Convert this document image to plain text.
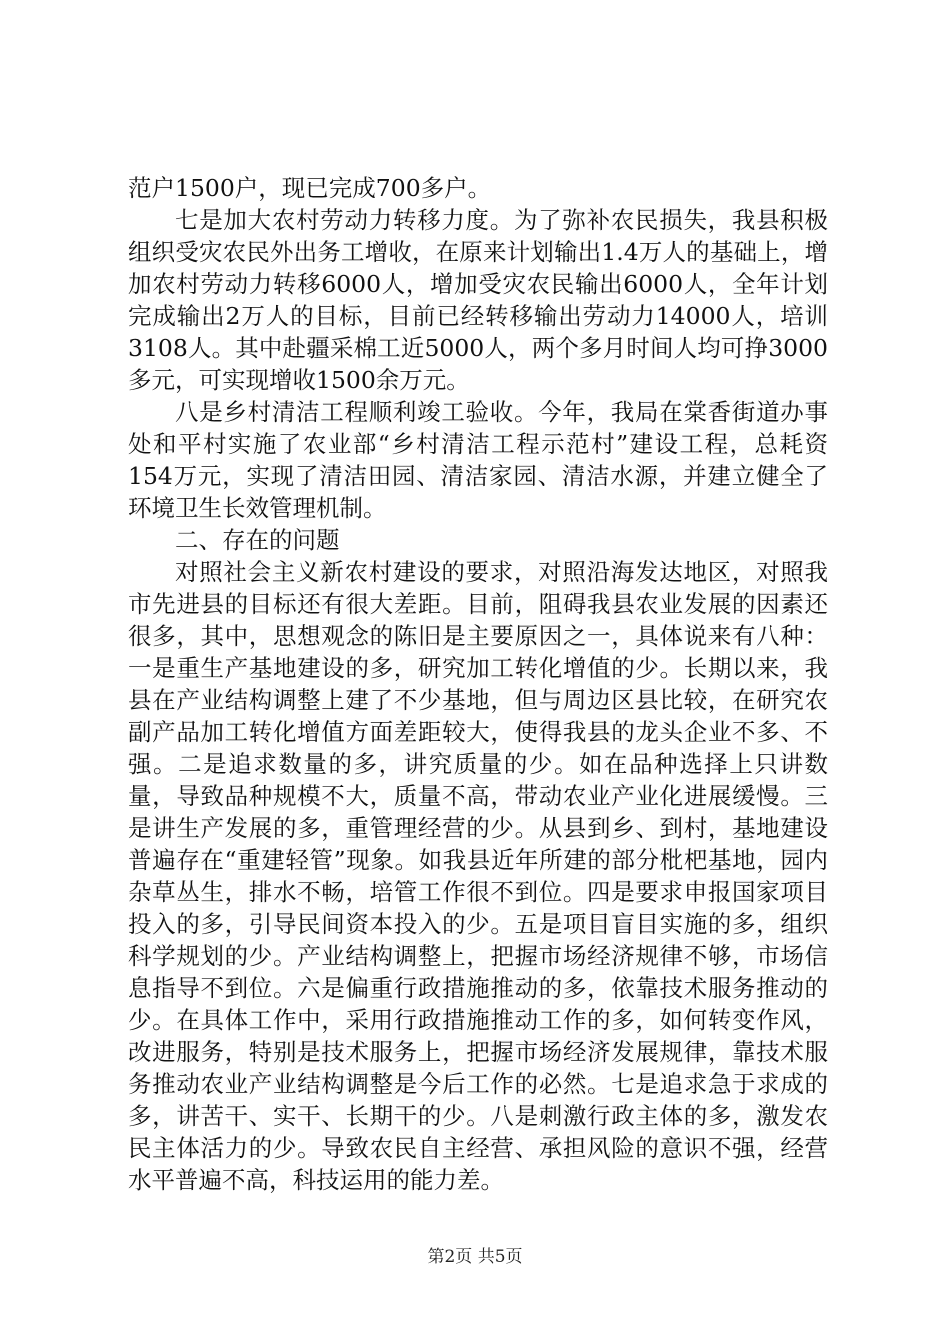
范户1500户，现已完成700多户。

七是加大农村劳动力转移力度。为了弥补农民损失，我县积极组织受灾农民外出务工增收，在原来计划输出1.4万人的基础上，增加农村劳动力转移6000人，增加受灾农民输出6000人，全年计划完成输出2万人的目标，目前已经转移输出劳动力14000人，培训3108人。其中赴疆采棉工近5000人，两个多月时间人均可挣3000多元，可实现增收1500余万元。

八是乡村清洁工程顺利竣工验收。今年，我局在棠香街道办事处和平村实施了农业部“乡村清洁工程示范村”建设工程，总耗资154万元，实现了清洁田园、清洁家园、清洁水源，并建立健全了环境卫生长效管理机制。

二、存在的问题

对照社会主义新农村建设的要求，对照沿海发达地区，对照我市先进县的目标还有很大差距。目前，阻碍我县农业发展的因素还很多，其中，思想观念的陈旧是主要原因之一，具体说来有八种：一是重生产基地建设的多，研究加工转化增值的少。长期以来，我县在产业结构调整上建了不少基地，但与周边区县比较，在研究农副产品加工转化增值方面差距较大，使得我县的龙头企业不多、不强。二是追求数量的多，讲究质量的少。如在品种选择上只讲数量，导致品种规模不大，质量不高，带动农业产业化进展缓慢。三是讲生产发展的多，重管理经营的少。从县到乡、到村，基地建设普遍存在“重建轻管”现象。如我县近年所建的部分枇杷基地，园内杂草丛生，排水不畅，培管工作很不到位。四是要求申报国家项目投入的多，引导民间资本投入的少。五是项目盲目实施的多，组织科学规划的少。产业结构调整上，把握市场经济规律不够，市场信息指导不到位。六是偏重行政措施推动的多，依靠技术服务推动的少。在具体工作中，采用行政措施推动工作的多，如何转变作风，改进服务，特别是技术服务上，把握市场经济发展规律，靠技术服务推动农业产业结构调整是今后工作的必然。七是追求急于求成的多，讲苦干、实干、长期干的少。八是刺激行政主体的多，激发农民主体活力的少。导致农民自主经营、承担风险的意识不强，经营水平普遍不高，科技运用的能力差。

第2页 共5页
